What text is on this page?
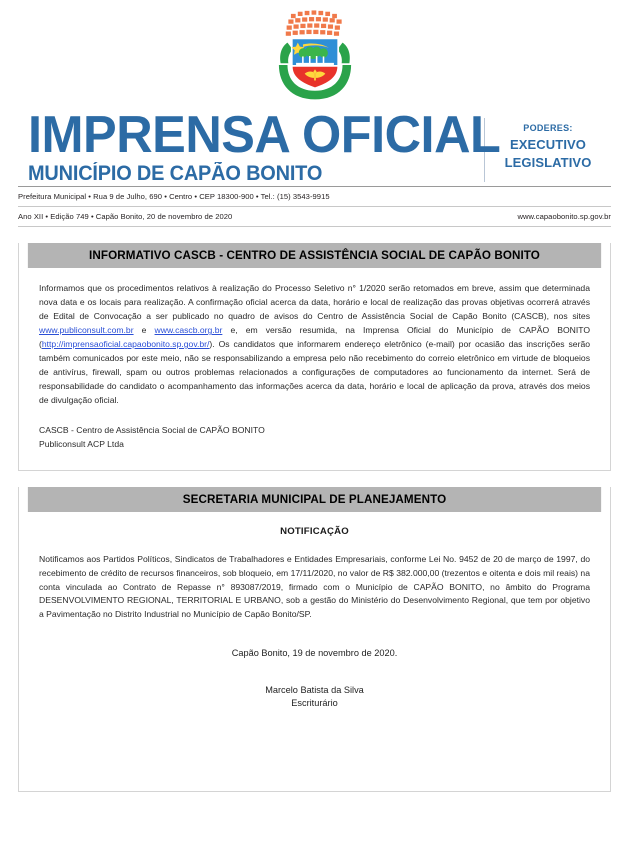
IMPRENSA OFICIAL
MUNICÍPIO DE CAPÃO BONITO
PODERES:
EXECUTIVO
LEGISLATIVO
Prefeitura Municipal • Rua 9 de Julho, 690 • Centro • CEP 18300-900 • Tel.: (15) 3543-9915
Ano XII • Edição 749 • Capão Bonito, 20 de novembro de 2020	www.capaobonito.sp.gov.br
INFORMATIVO CASCB - CENTRO DE ASSISTÊNCIA SOCIAL DE CAPÃO BONITO

Informamos que os procedimentos relativos à realização do Processo Seletivo n° 1/2020 serão retomados em breve, assim que determinada nova data e os locais para realização. A confirmação oficial acerca da data, horário e local de realização das provas objetivas ocorrerá através de Edital de Convocação a ser publicado no quadro de avisos do Centro de Assistência Social de Capão Bonito (CASCB), nos sites www.publiconsult.com.br e www.cascb.org.br e, em versão resumida, na Imprensa Oficial do Município de CAPÃO BONITO (http://imprensaoficial.capaobonito.sp.gov.br/). Os candidatos que informarem endereço eletrônico (e-mail) por ocasião das inscrições serão também comunicados por este meio, não se responsabilizando a empresa pelo não recebimento do correio eletrônico em virtude de bloqueios de antivírus, firewall, spam ou outros problemas relacionados a configurações de computadores ao funcionamento da internet. Será de responsabilidade do candidato o acompanhamento das informações acerca da data, horário e local de aplicação da prova, através dos meios de divulgação oficial.

CASCB - Centro de Assistência Social de CAPÃO BONITO
Publiconsult ACP Ltda
SECRETARIA MUNICIPAL DE PLANEJAMENTO
NOTIFICAÇÃO

Notificamos aos Partidos Políticos, Sindicatos de Trabalhadores e Entidades Empresariais, conforme Lei No. 9452 de 20 de março de 1997, do recebimento de crédito de recursos financeiros, sob bloqueio, em 17/11/2020, no valor de R$ 382.000,00 (trezentos e oitenta e dois mil reais) na conta vinculada ao Contrato de Repasse n° 893087/2019, firmado com o Município de CAPÃO BONITO, no âmbito do Programa DESENVOLVIMENTO REGIONAL, TERRITORIAL E URBANO, sob a gestão do Ministério do Desenvolvimento Regional, que tem por objetivo a Pavimentação no Distrito Industrial no Município de Capão Bonito/SP.

Capão Bonito, 19 de novembro de 2020.
Marcelo Batista da Silva
Escriturário
